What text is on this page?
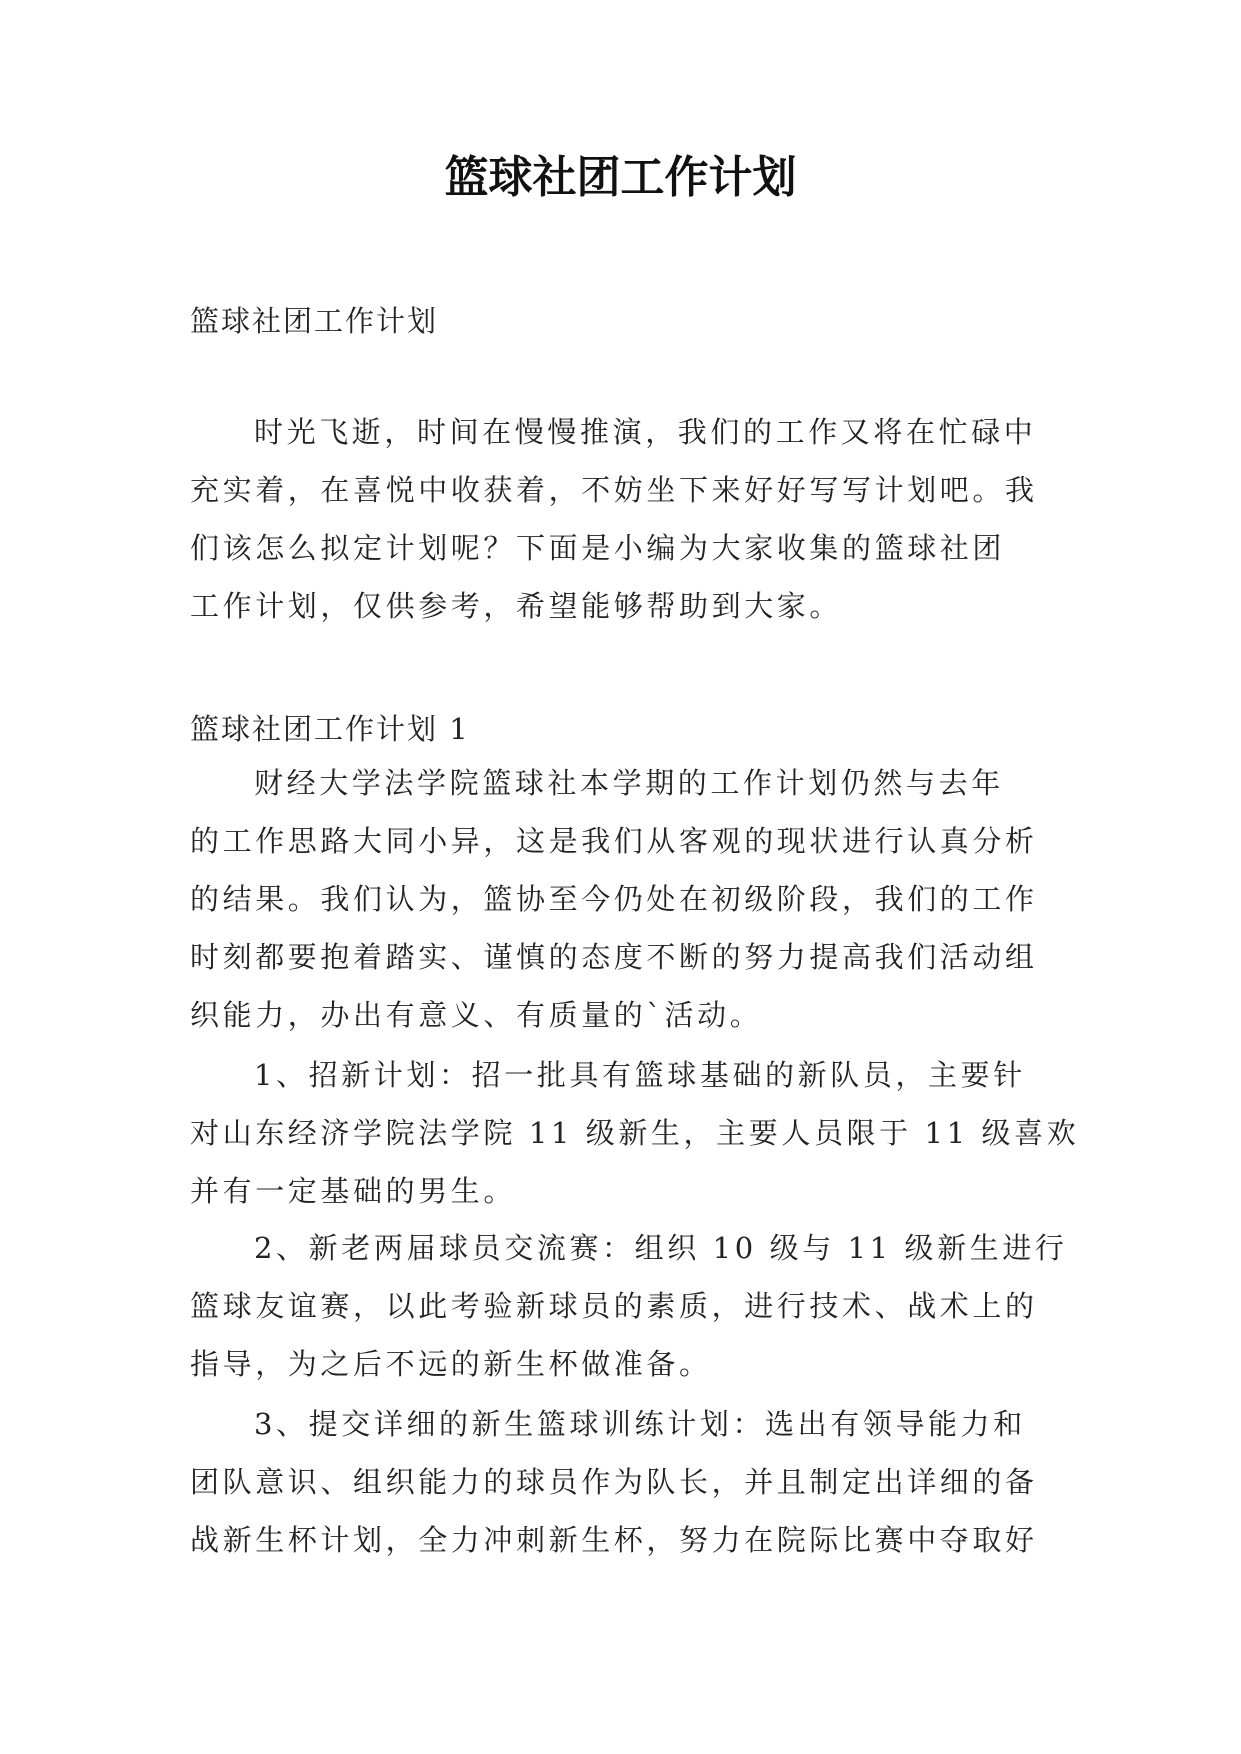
篮球社团工作计划
篮球社团工作计划
时光飞逝，时间在慢慢推演，我们的工作又将在忙碌中
充实着，在喜悦中收获着，不妨坐下来好好写写计划吧。我
们该怎么拟定计划呢？下面是小编为大家收集的篮球社团
工作计划，仅供参考，希望能够帮助到大家。
篮球社团工作计划 1
财经大学法学院篮球社本学期的工作计划仍然与去年
的工作思路大同小异，这是我们从客观的现状进行认真分析
的结果。我们认为，篮协至今仍处在初级阶段，我们的工作
时刻都要抱着踏实、谨慎的态度不断的努力提高我们活动组
织能力，办出有意义、有质量的`活动。
1、招新计划：招一批具有篮球基础的新队员，主要针
对山东经济学院法学院 11 级新生，主要人员限于 11 级喜欢
并有一定基础的男生。
2、新老两届球员交流赛：组织 10 级与 11 级新生进行
篮球友谊赛，以此考验新球员的素质，进行技术、战术上的
指导，为之后不远的新生杯做准备。
3、提交详细的新生篮球训练计划：选出有领导能力和
团队意识、组织能力的球员作为队长，并且制定出详细的备
战新生杯计划，全力冲刺新生杯，努力在院际比赛中夺取好
